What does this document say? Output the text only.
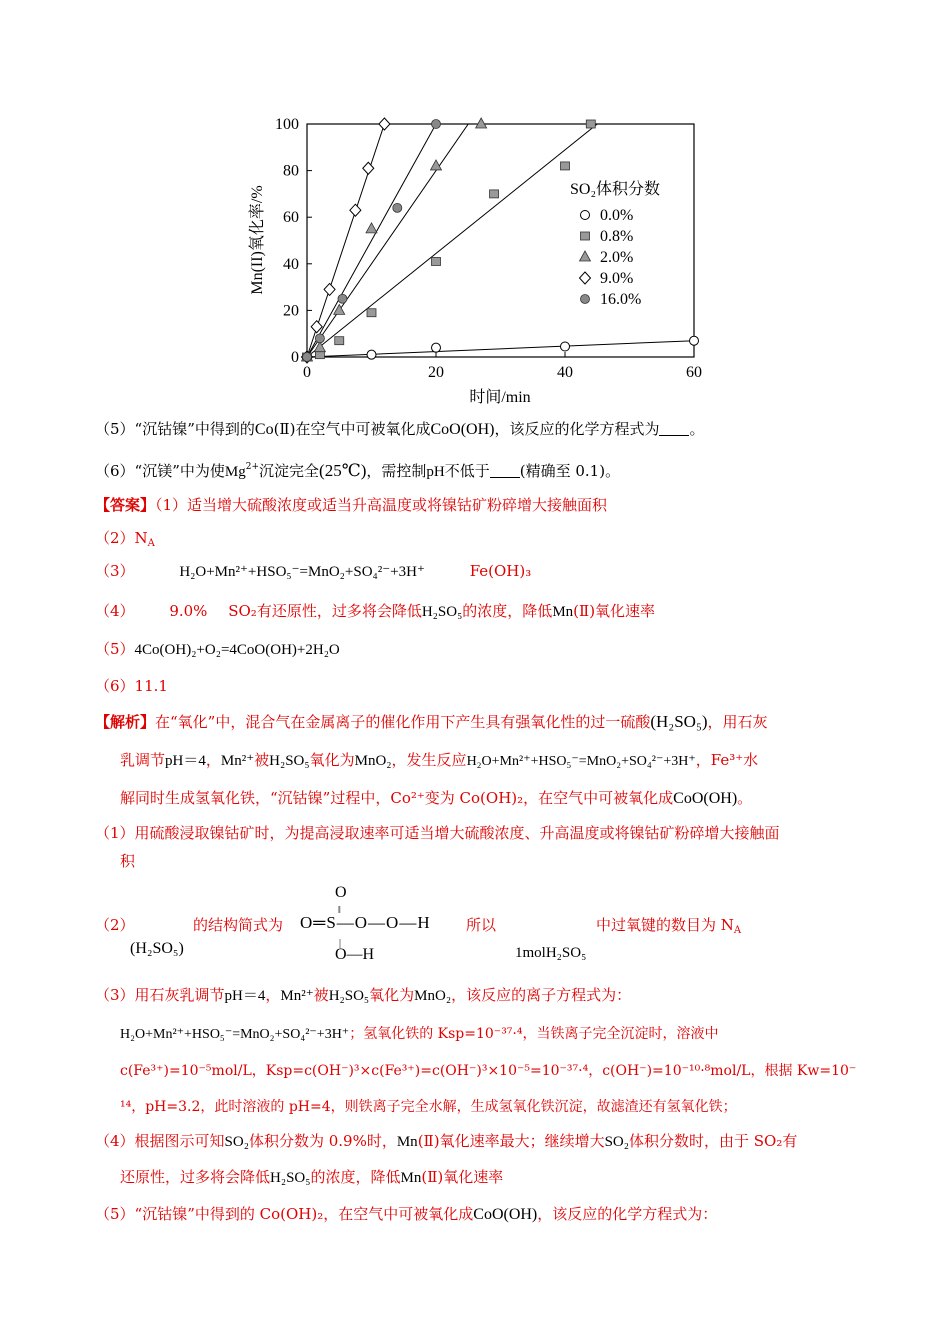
0	20	40	60
0
20
40
60
80
100
时间/min
Mn(II)氧化率/%	SO₂体积分数
0.0%
0.8%
2.0%
9.0%
16.0%
（5）“沉钴镍”中得到的Co(Ⅱ)在空气中可被氧化成CoO(OH)，该反应的化学方程式为 。
（6）“沉镁”中为使$Mg^{2+}$沉淀完全(25℃)，需控制pH不低于 (精确至 0.1)。
【答案】（1）适当增大硫酸浓度或适当升高温度或将镍钴矿粉碎增大接触面积
$(2)N_A$
（3）	H₂O+Mn²⁺+HSO₅⁻=MnO₂+SO₄²⁻+3H⁺	Fe(OH)₃
（4） 9.0% SO₂有还原性，过多将会降低H₂SO₅的浓度，降低Mn(Ⅱ)氧化速率
（5）4Co(OH)₂+O₂=4CoO(OH)+2H₂O
（6）11.1
【解析】在“氧化”中，混合气在金属离子的催化作用下产生具有强氧化性的过一硫酸(H₂SO₅)，用石灰
乳调节pH＝4，Mn²⁺被H₂SO₅氧化为MnO₂，发生反应H₂O+Mn²⁺+HSO₅⁻=MnO₂+SO₄²⁻+3H⁺，Fe³⁺水
解同时生成氢氧化铁，“沉钴镍”过程中，Co²⁺变为 Co(OH)₂，在空气中可被氧化成CoO(OH)。
（1）用硫酸浸取镍钴矿时，为提高浸取速率可适当增大硫酸浓度、升高温度或将镍钴矿粉碎增大接触面
积
（2）
(H₂SO₅)
的结构简式为
O
‖
O═S—O—O—H
|
O—H
所以
1molH₂SO₅
中过氧键的数目为 $N_A$
（3）用石灰乳调节pH＝4，Mn²⁺被H₂SO₅氧化为MnO₂，该反应的离子方程式为：
H₂O+Mn²⁺+HSO₅⁻=MnO₂+SO₄²⁻+3H⁺；氢氧化铁的 Ksp=10⁻³⁷·⁴，当铁离子完全沉淀时，溶液中
c(Fe³⁺)=10⁻⁵mol/L，Ksp=c(OH⁻)³×c(Fe³⁺)=c(OH⁻)³×10⁻⁵=10⁻³⁷·⁴，c(OH⁻)=10⁻¹⁰·⁸mol/L，根据 Kw=10⁻
¹⁴，pH=3.2，此时溶液的 pH=4，则铁离子完全水解，生成氢氧化铁沉淀，故滤渣还有氢氧化铁；
（4）根据图示可知SO₂体积分数为 0.9%时，Mn(Ⅱ)氧化速率最大；继续增大SO₂体积分数时，由于 SO₂有
还原性，过多将会降低H₂SO₅的浓度，降低Mn(Ⅱ)氧化速率
（5）“沉钴镍”中得到的 Co(OH)₂，在空气中可被氧化成CoO(OH)，该反应的化学方程式为：
